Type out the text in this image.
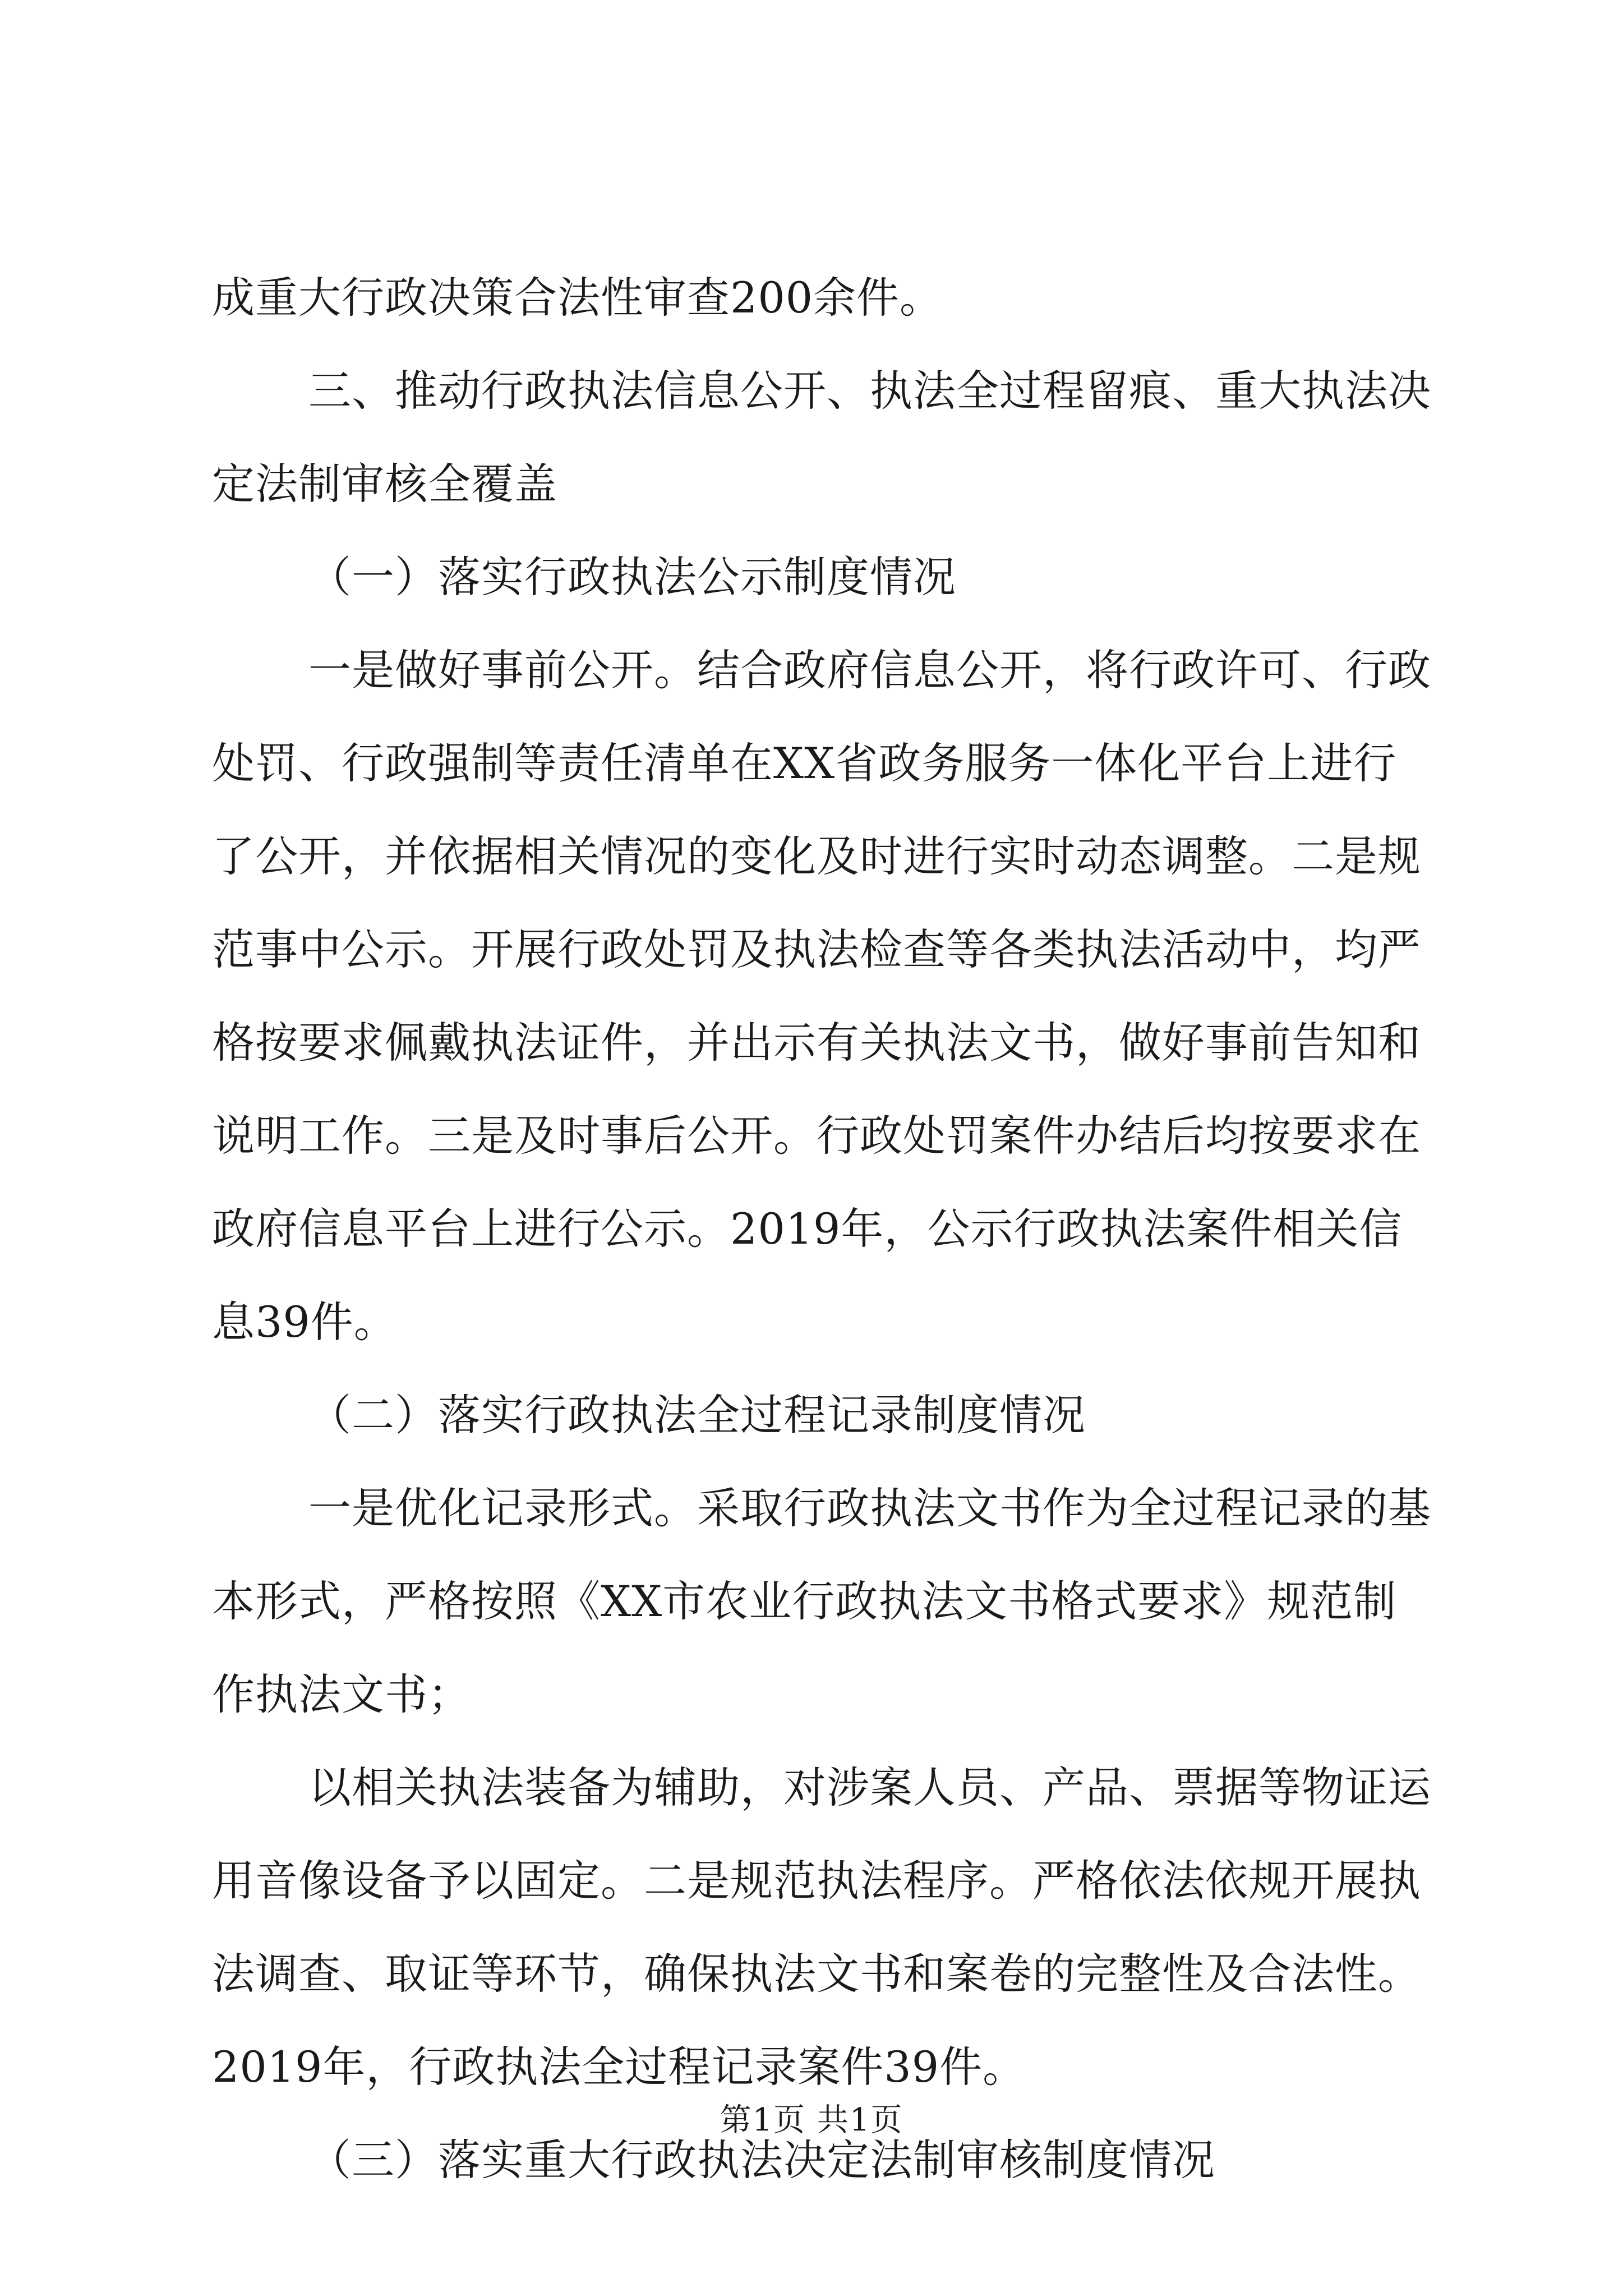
成重大行政决策合法性审查200余件。
三、推动行政执法信息公开、执法全过程留痕、重大执法决
定法制审核全覆盖
（一）落实行政执法公示制度情况
一是做好事前公开。结合政府信息公开，将行政许可、行政
处罚、行政强制等责任清单在XX省政务服务一体化平台上进行
了公开，并依据相关情况的变化及时进行实时动态调整。二是规
范事中公示。开展行政处罚及执法检查等各类执法活动中，均严
格按要求佩戴执法证件，并出示有关执法文书，做好事前告知和
说明工作。三是及时事后公开。行政处罚案件办结后均按要求在
政府信息平台上进行公示。2019年，公示行政执法案件相关信
息39件。
（二）落实行政执法全过程记录制度情况
一是优化记录形式。采取行政执法文书作为全过程记录的基
本形式，严格按照《XX市农业行政执法文书格式要求》规范制
作执法文书；
以相关执法装备为辅助，对涉案人员、产品、票据等物证运
用音像设备予以固定。二是规范执法程序。严格依法依规开展执
法调查、取证等环节，确保执法文书和案卷的完整性及合法性。
2019年，行政执法全过程记录案件39件。
（三）落实重大行政执法决定法制审核制度情况
第1页 共1页
